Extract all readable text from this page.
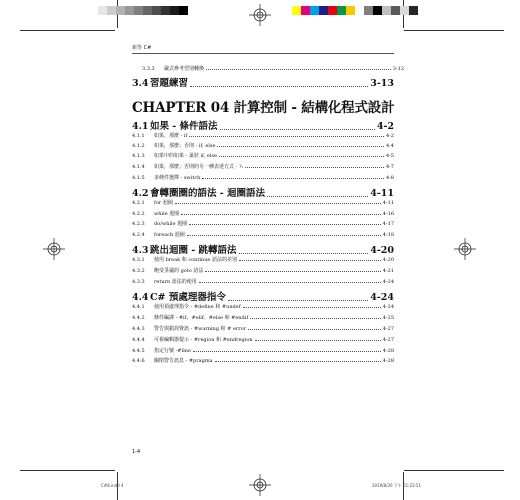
新學 C#
3.3.3	嚴式參考型別轉換	3-12
3.4 習題練習	3-13
CHAPTER 04 計算控制 - 結構化程式設計
4.1 如果 - 條件語法	4-2
4.1.1	如果，那麼 - if	4-2
4.1.2	如果，那麼；否則 - if, else	4-4
4.1.3	如果中的如果 - 巢狀 if, else	4-5
4.1.4	如果，那麼；否則的另一種表達方式 - ?:	4-7
4.1.5	多條件選擇 - switch	4-8
4.2 會轉圈圈的語法 - 迴圈語法	4-11
4.2.1	for 迴圈	4-11
4.2.2	while 迴圈	4-16
4.2.3	do/while 迴圈	4-17
4.2.4	foreach 迴圈	4-18
4.3 跳出迴圈 - 跳轉語法	4-20
4.3.1	使用 break 和 continue 語法的差別	4-20
4.3.2	飽受爭議的 goto 語法	4-21
4.3.3	return 語法的使用	4-24
4.4 C# 預處理器指令	4-24
4.4.1	使用預處理指令 - #define 和 #undef	4-24
4.4.2	條件編譯 - #if、#elif、#else 和 #endif	4-25
4.4.3	警告與錯誤資訊 - #warning 和 # error	4-27
4.4.4	可視編輯器提示 - #region 和 #endregion	4-27
4.4.5	指定行號 -#line	4-28
4.4.6	關閉警告訊息 - #pragma	4-28
1-4
C#8.indd 4	2019/8/30 下午 01:23:51
